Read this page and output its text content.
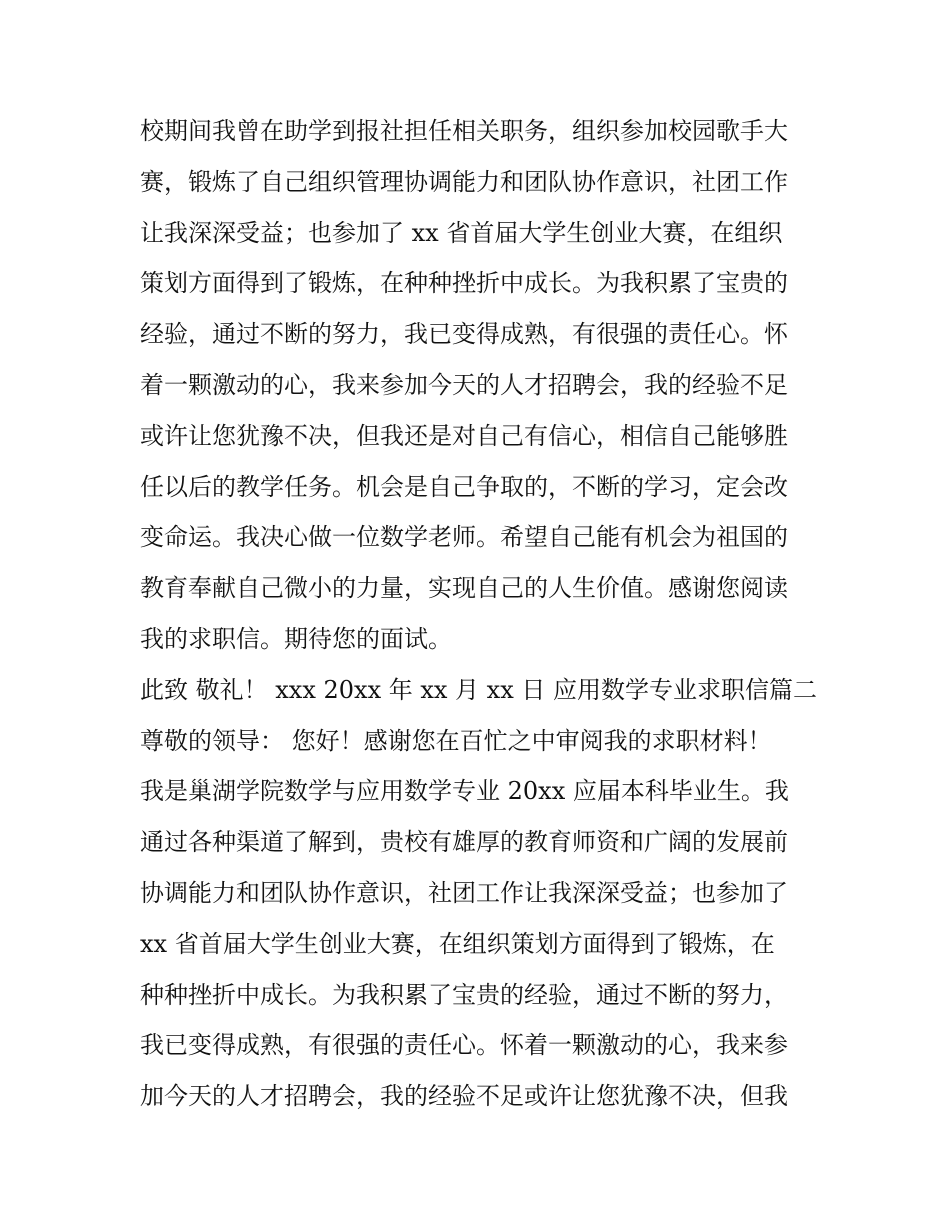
校期间我曾在助学到报社担任相关职务，组织参加校园歌手大
赛，锻炼了自己组织管理协调能力和团队协作意识，社团工作
让我深深受益；也参加了 xx 省首届大学生创业大赛，在组织
策划方面得到了锻炼，在种种挫折中成长。为我积累了宝贵的
经验，通过不断的努力，我已变得成熟，有很强的责任心。怀
着一颗激动的心，我来参加今天的人才招聘会，我的经验不足
或许让您犹豫不决，但我还是对自己有信心，相信自己能够胜
任以后的教学任务。机会是自己争取的，不断的学习，定会改
变命运。我决心做一位数学老师。希望自己能有机会为祖国的
教育奉献自己微小的力量，实现自己的人生价值。感谢您阅读
我的求职信。期待您的面试。
此致 敬礼！ xxx 20xx 年 xx 月 xx 日 应用数学专业求职信篇二
尊敬的领导： 您好！感谢您在百忙之中审阅我的求职材料！
我是巢湖学院数学与应用数学专业 20xx 应届本科毕业生。我
通过各种渠道了解到，贵校有雄厚的教育师资和广阔的发展前
协调能力和团队协作意识，社团工作让我深深受益；也参加了
xx 省首届大学生创业大赛，在组织策划方面得到了锻炼，在
种种挫折中成长。为我积累了宝贵的经验，通过不断的努力，
我已变得成熟，有很强的责任心。怀着一颗激动的心，我来参
加今天的人才招聘会，我的经验不足或许让您犹豫不决，但我
